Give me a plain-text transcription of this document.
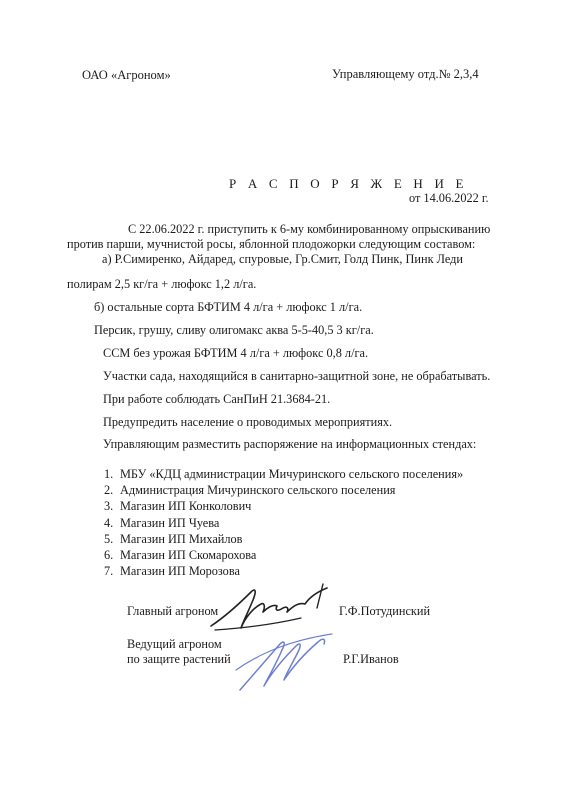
ОАО «Агроном»	Управляющему отд.№ 2,3,4
Р А С П О Р Я Ж Е Н И Е
от 14.06.2022 г.
С 22.06.2022 г. приступить к 6-му комбинированному опрыскиванию
против парши, мучнистой росы, яблонной плодожорки следующим составом:
а) Р.Симиренко, Айдаред, спуровые, Гр.Смит, Голд Пинк, Пинк Леди
полирам 2,5 кг/га + люфокс 1,2 л/га.
б) остальные сорта БФТИМ 4 л/га + люфокс 1 л/га.
Персик, грушу, сливу олигомакс аква 5-5-40,5 3 кг/га.
ССМ без урожая БФТИМ 4 л/га + люфокс 0,8 л/га.
Участки сада, находящийся в санитарно-защитной зоне, не обрабатывать.
При работе соблюдать СанПиН 21.3684-21.
Предупредить население о проводимых мероприятиях.
Управляющим разместить распоряжение на информационных стендах:
1. МБУ «КДЦ администрации Мичуринского сельского поселения»
2. Администрация Мичуринского сельского поселения
3. Магазин ИП Конколович
4. Магазин ИП Чуева
5. Магазин ИП Михайлов
6. Магазин ИП Скомарохова
7. Магазин ИП Морозова
Главный агроном	Г.Ф.Потудинский
Ведущий агроном
по защите растений	Р.Г.Иванов
